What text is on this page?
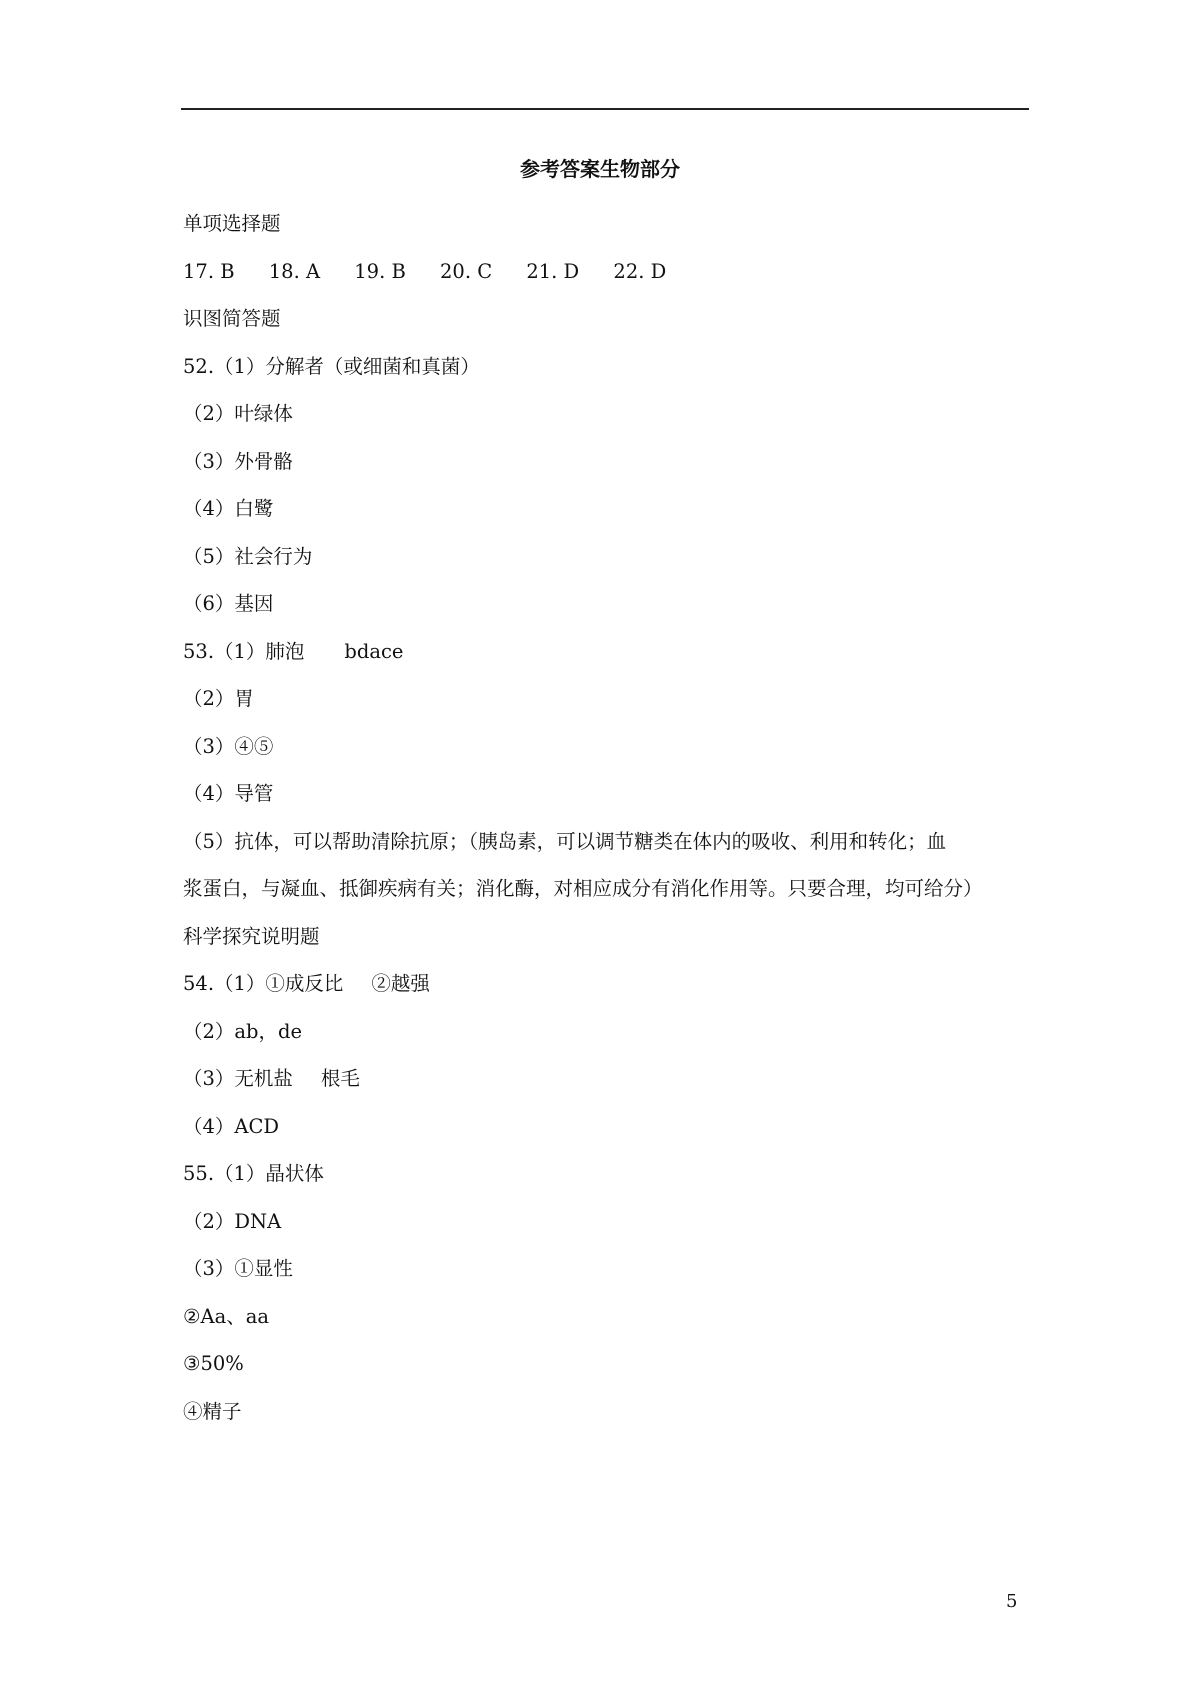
参考答案生物部分
单项选择题
17. B 18. A 19. B 20. C 21. D 22. D
识图简答题
52.（1）分解者（或细菌和真菌）
（2）叶绿体
（3）外骨骼
（4）白鹭
（5）社会行为
（6）基因
53.（1）肺泡 bdace
（2）胃
（3）④⑤
（4）导管
（5）抗体，可以帮助清除抗原；（胰岛素，可以调节糖类在体内的吸收、利用和转化；血
浆蛋白，与凝血、抵御疾病有关；消化酶，对相应成分有消化作用等。只要合理，均可给分）
科学探究说明题
54.（1）①成反比 ②越强
（2）ab，de
（3）无机盐 根毛
（4）ACD
55.（1）晶状体
（2）DNA
（3）①显性
②Aa、aa
③50%
④精子
5
